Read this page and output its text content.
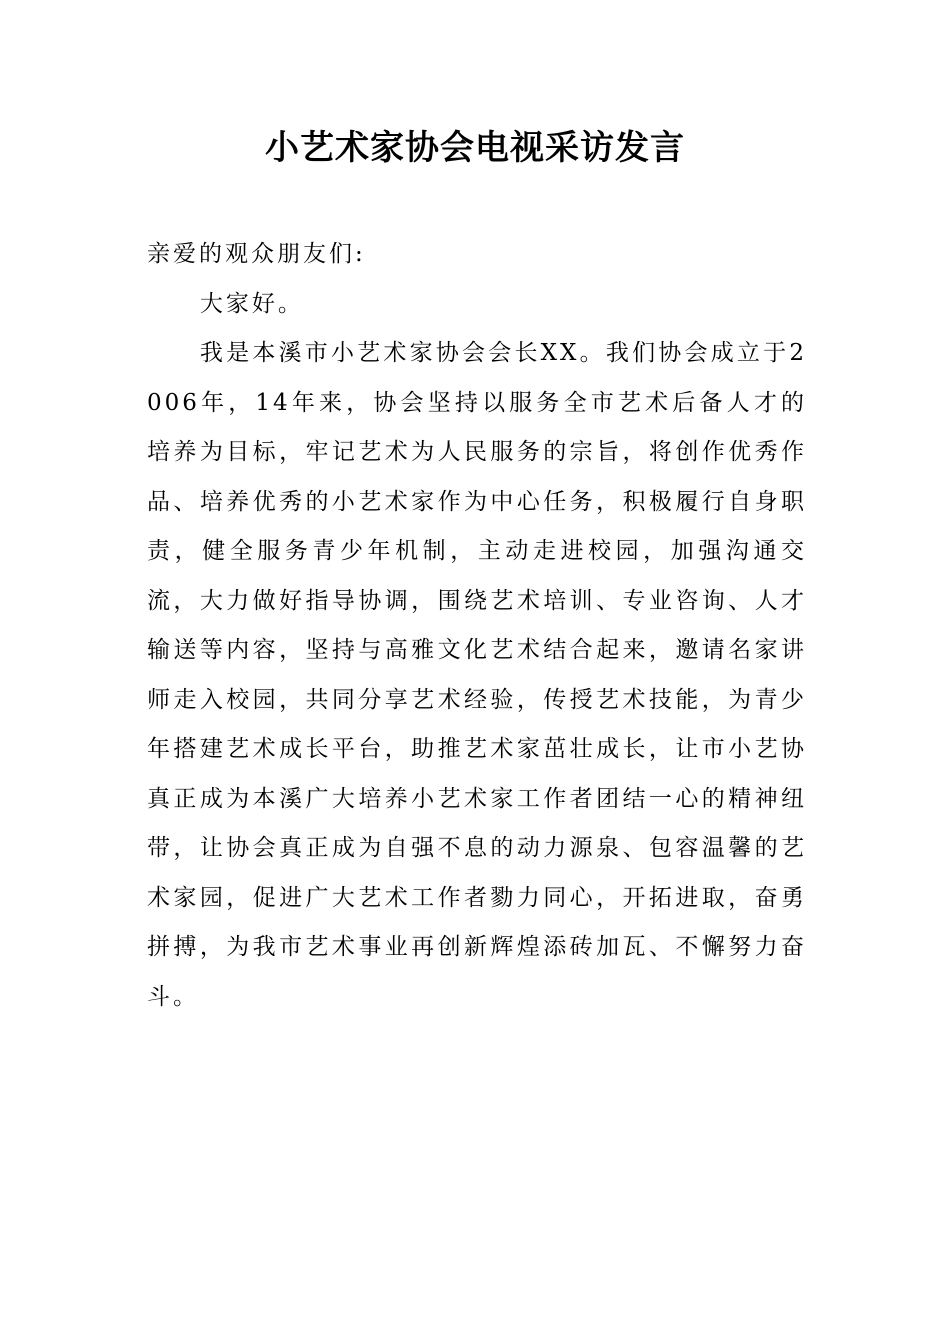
小艺术家协会电视采访发言

亲爱的观众朋友们:

大家好。

我是本溪市小艺术家协会会长XX。我们协会成立于2006年，14年来，协会坚持以服务全市艺术后备人才的培养为目标，牢记艺术为人民服务的宗旨，将创作优秀作品、培养优秀的小艺术家作为中心任务，积极履行自身职责，健全服务青少年机制，主动走进校园，加强沟通交流，大力做好指导协调，围绕艺术培训、专业咨询、人才输送等内容，坚持与高雅文化艺术结合起来，邀请名家讲师走入校园，共同分享艺术经验，传授艺术技能，为青少年搭建艺术成长平台，助推艺术家茁壮成长，让市小艺协真正成为本溪广大培养小艺术家工作者团结一心的精神纽带，让协会真正成为自强不息的动力源泉、包容温馨的艺术家园，促进广大艺术工作者勠力同心，开拓进取，奋勇拼搏，为我市艺术事业再创新辉煌添砖加瓦、不懈努力奋斗。
